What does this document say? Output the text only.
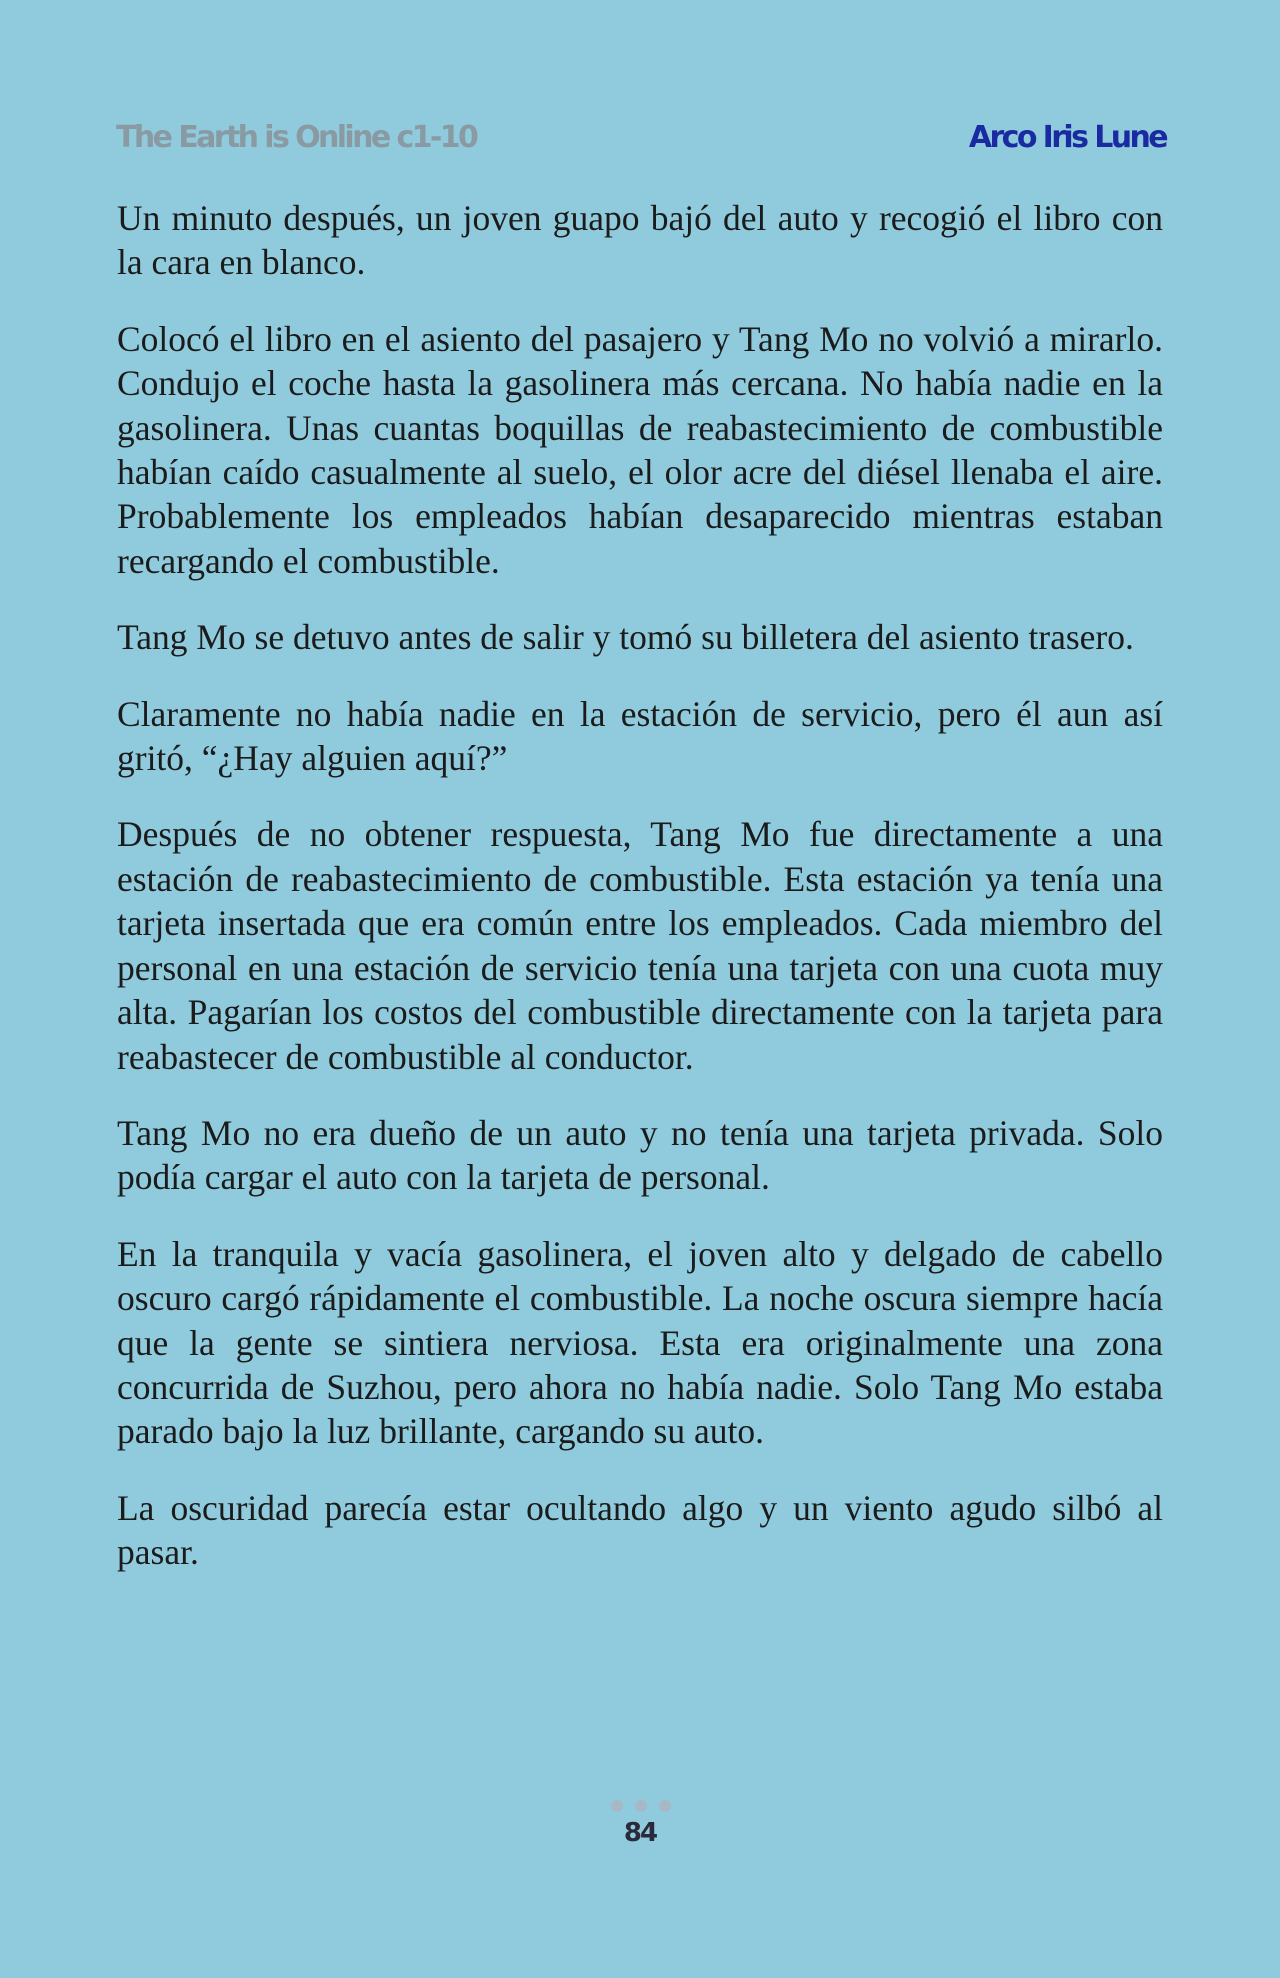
The Earth is Online c1-10	Arco Iris Lune

Un minuto después, un joven guapo bajó del auto y recogió el libro con la cara en blanco.

Colocó el libro en el asiento del pasajero y Tang Mo no volvió a mirarlo. Condujo el coche hasta la gasolinera más cercana. No había nadie en la gasolinera. Unas cuantas boquillas de reabastecimiento de combustible habían caído casualmente al suelo, el olor acre del diésel llenaba el aire. Probablemente los empleados habían desaparecido mientras estaban recargando el combustible.

Tang Mo se detuvo antes de salir y tomó su billetera del asiento trasero.

Claramente no había nadie en la estación de servicio, pero él aun así gritó, “¿Hay alguien aquí?”

Después de no obtener respuesta, Tang Mo fue directamente a una estación de reabastecimiento de combustible. Esta estación ya tenía una tarjeta insertada que era común entre los empleados. Cada miembro del personal en una estación de servicio tenía una tarjeta con una cuota muy alta. Pagarían los costos del combustible directamente con la tarjeta para reabastecer de combustible al conductor.

Tang Mo no era dueño de un auto y no tenía una tarjeta privada. Solo podía cargar el auto con la tarjeta de personal.

En la tranquila y vacía gasolinera, el joven alto y delgado de cabello oscuro cargó rápidamente el combustible. La noche oscura siempre hacía que la gente se sintiera nerviosa. Esta era originalmente una zona concurrida de Suzhou, pero ahora no había nadie. Solo Tang Mo estaba parado bajo la luz brillante, cargando su auto.

La oscuridad parecía estar ocultando algo y un viento agudo silbó al pasar.

84
